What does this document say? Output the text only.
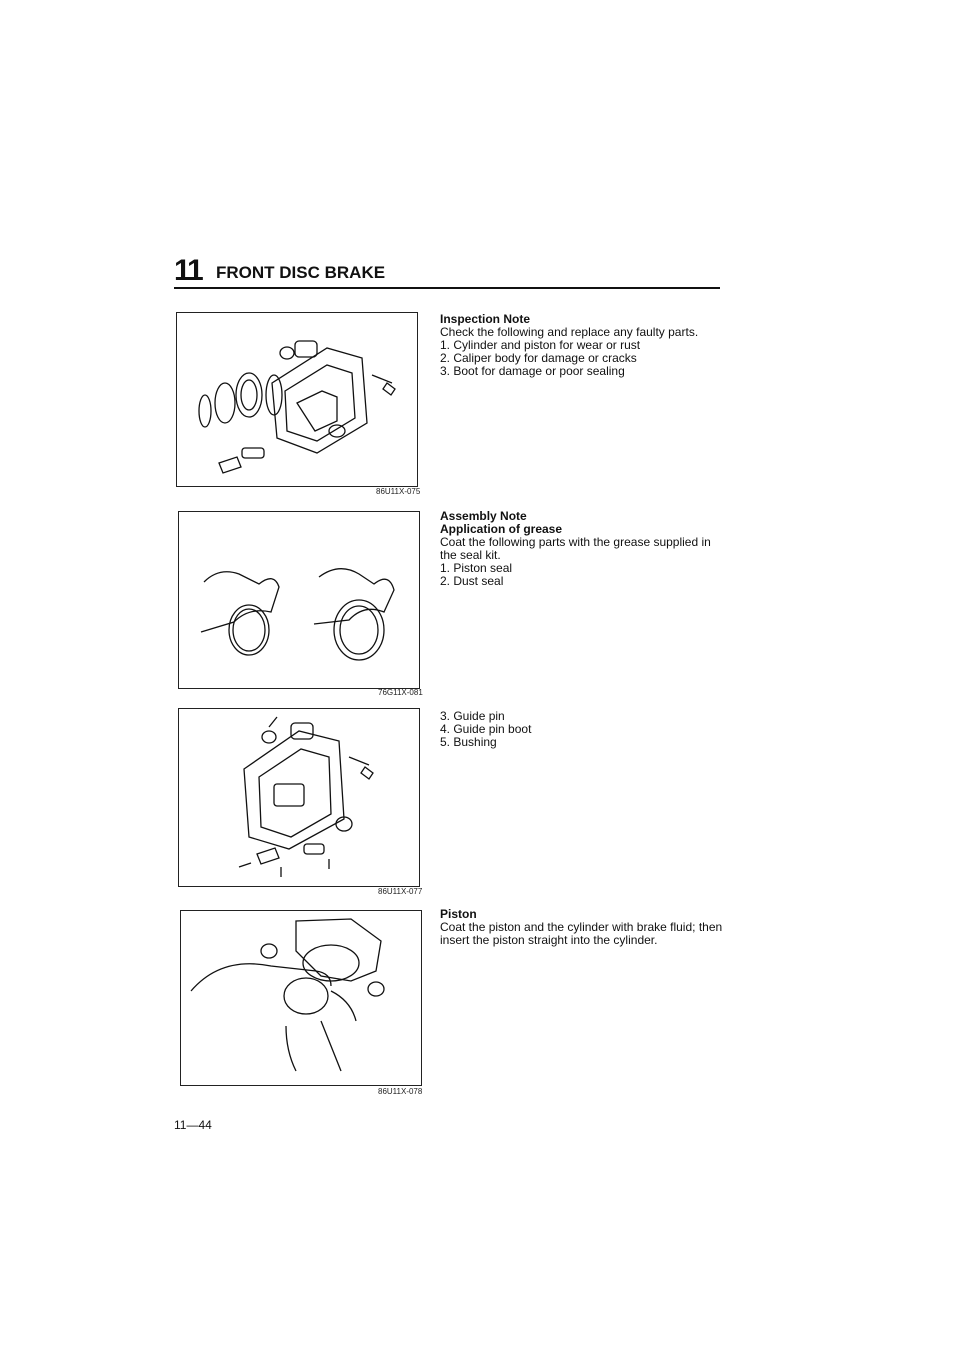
11 FRONT DISC BRAKE
86U11X-075
Inspection Note
Check the following and replace any faulty parts.
1. Cylinder and piston for wear or rust
2. Caliper body for damage or cracks
3. Boot for damage or poor sealing
76G11X-081
Assembly Note
Application of grease
Coat the following parts with the grease supplied in
the seal kit.
1. Piston seal
2. Dust seal
86U11X-077
3. Guide pin
4. Guide pin boot
5. Bushing
86U11X-078
Piston
Coat the piston and the cylinder with brake fluid; then
insert the piston straight into the cylinder.
11—44
